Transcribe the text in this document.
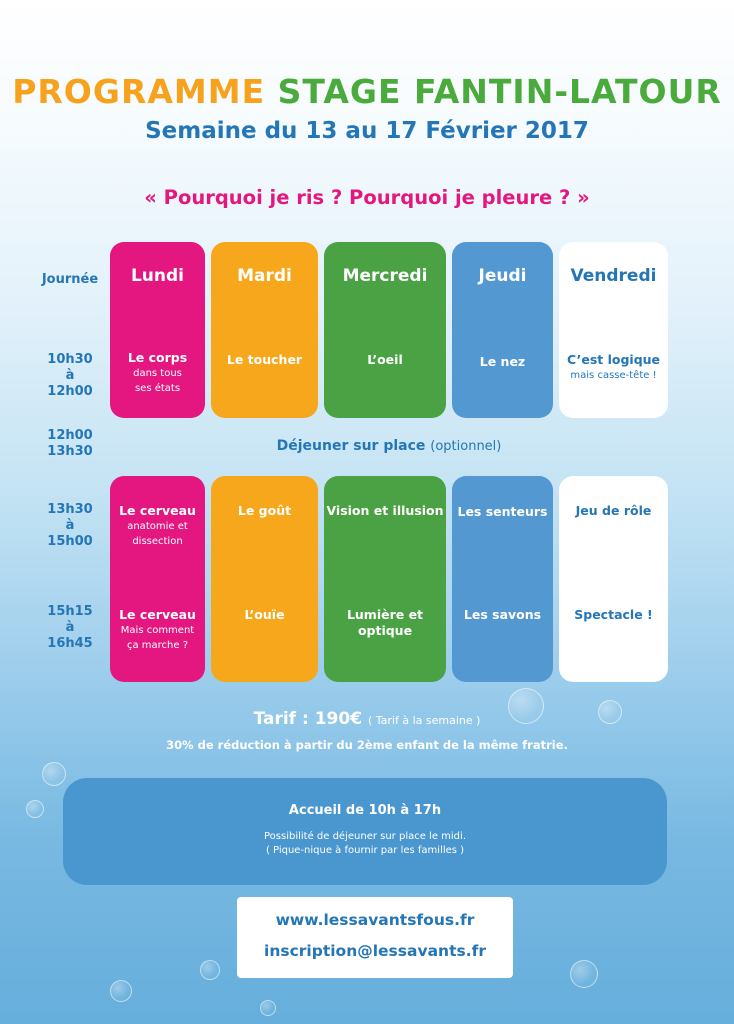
PROGRAMME STAGE FANTIN-LATOUR
Semaine du 13 au 17 Février 2017
« Pourquoi je ris ? Pourquoi je pleure ? »
Journée
10h30
à
12h00
12h00
13h30
13h30
à
15h00
15h15
à
16h45
Lundi
Le corps
dans tous ses états
Mardi
Le toucher
Mercredi
L’oeil
Jeudi
Le nez
Vendredi
C’est logique
mais casse-tête !
Déjeuner sur place (optionnel)
Le cerveau
anatomie et dissection
Le cerveau
Mais comment ça marche ?
Le goût
L’ouïe
Vision et illusion
Lumière et optique
Les senteurs
Les savons
Jeu de rôle
Spectacle !
Tarif : 190€ ( Tarif à la semaine )
30% de réduction à partir du 2ème enfant de la même fratrie.
Accueil de 10h à 17h
Possibilité de déjeuner sur place le midi.
( Pique-nique à fournir par les familles )
www.lessavantsfous.fr
inscription@lessavants.fr
